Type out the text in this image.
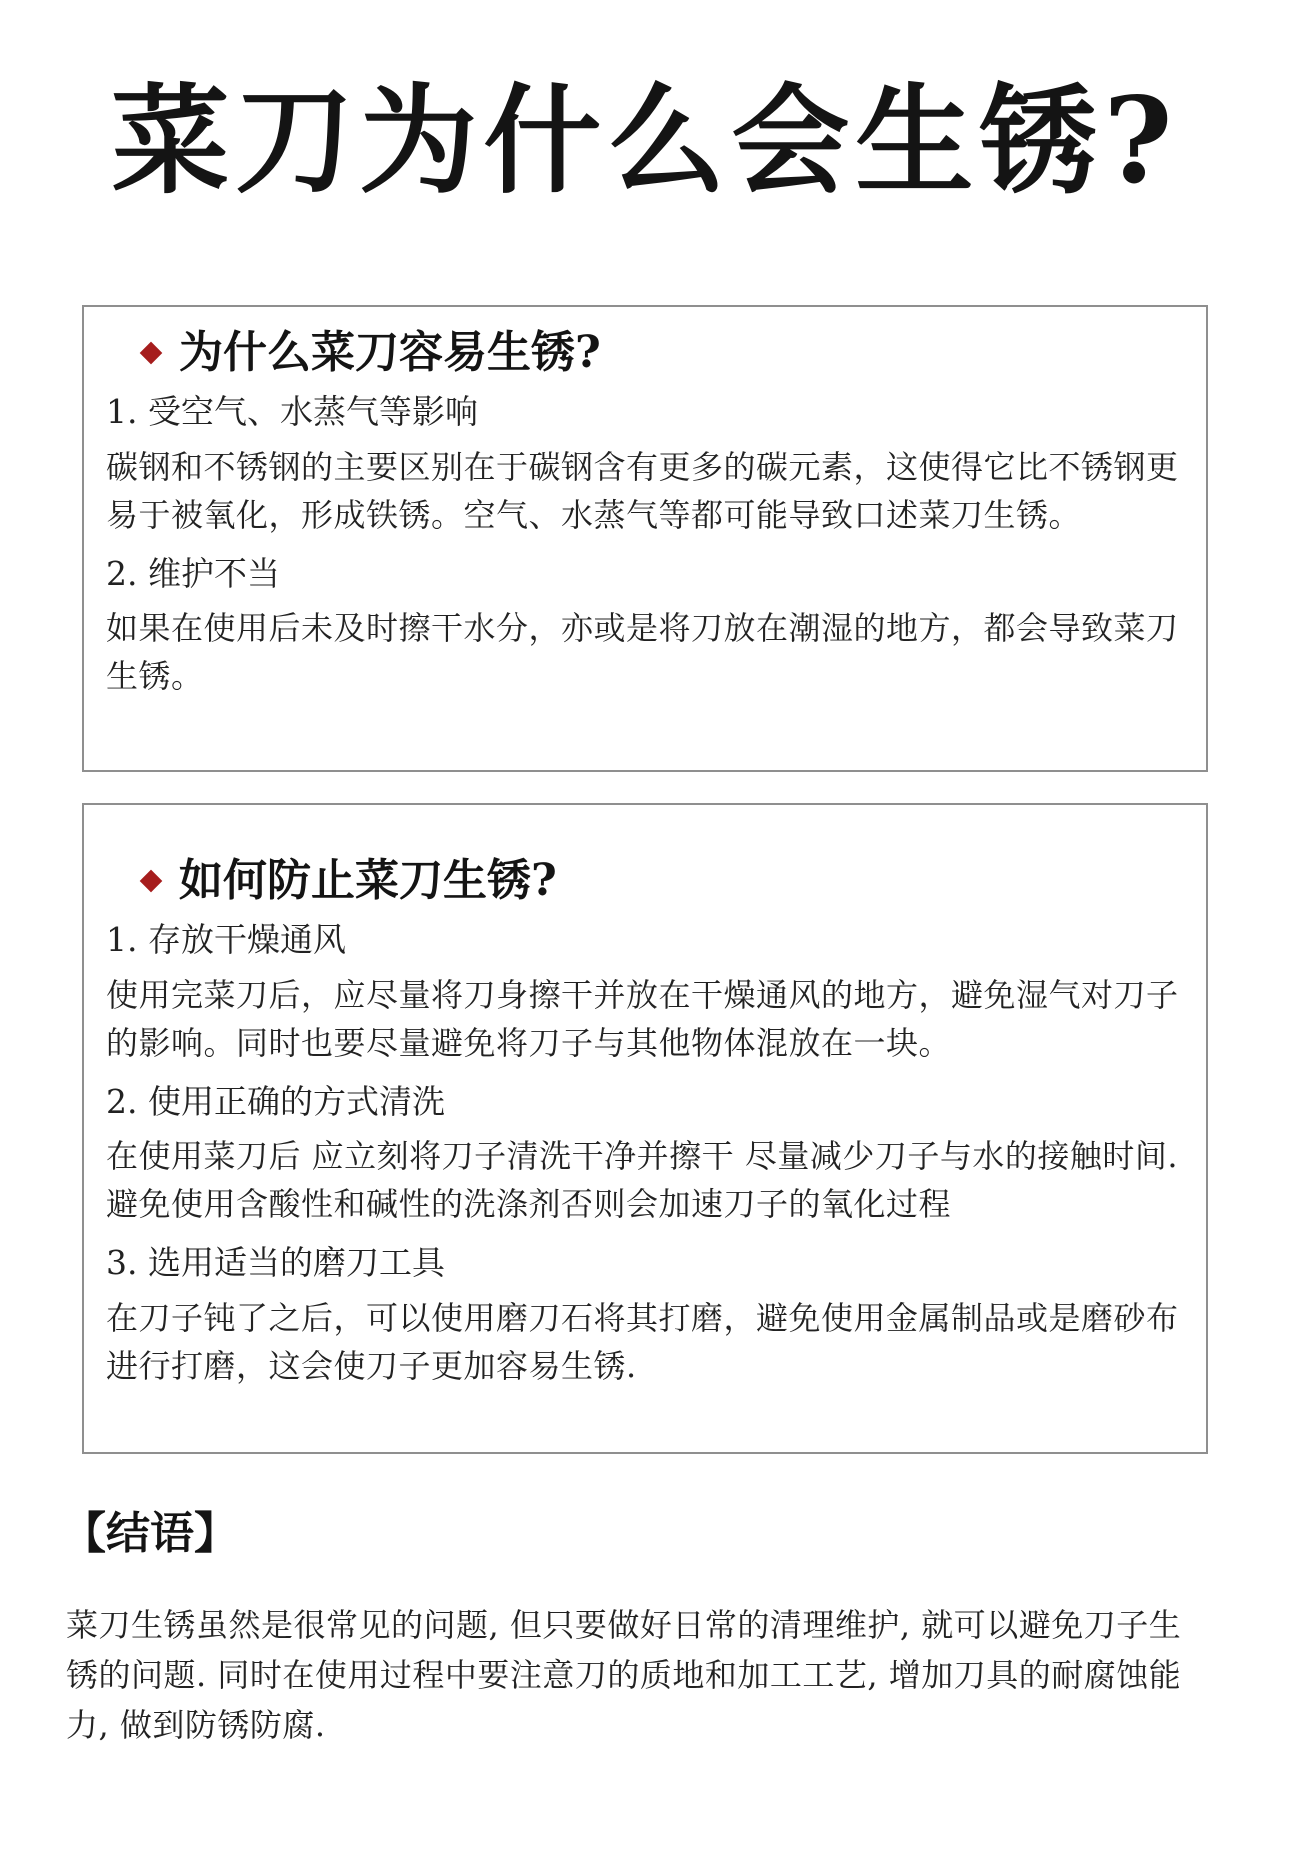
菜刀为什么会生锈?
为什么菜刀容易生锈?
1. 受空气、水蒸气等影响

碳钢和不锈钢的主要区别在于碳钢含有更多的碳元素，这使得它比不锈钢更易于被氧化，形成铁锈。空气、水蒸气等都可能导致口述菜刀生锈。

2. 维护不当

如果在使用后未及时擦干水分，亦或是将刀放在潮湿的地方，都会导致菜刀生锈。

如何防止菜刀生锈?
1. 存放干燥通风

使用完菜刀后，应尽量将刀身擦干并放在干燥通风的地方，避免湿气对刀子的影响。同时也要尽量避免将刀子与其他物体混放在一块。

2. 使用正确的方式清洗

在使用菜刀后 应立刻将刀子清洗干净并擦干 尽量减少刀子与水的接触时间. 避免使用含酸性和碱性的洗涤剂否则会加速刀子的氧化过程

3. 选用适当的磨刀工具

在刀子钝了之后，可以使用磨刀石将其打磨，避免使用金属制品或是磨砂布进行打磨，这会使刀子更加容易生锈.

【结语】

菜刀生锈虽然是很常见的问题, 但只要做好日常的清理维护, 就可以避免刀子生锈的问题. 同时在使用过程中要注意刀的质地和加工工艺, 增加刀具的耐腐蚀能力, 做到防锈防腐.
